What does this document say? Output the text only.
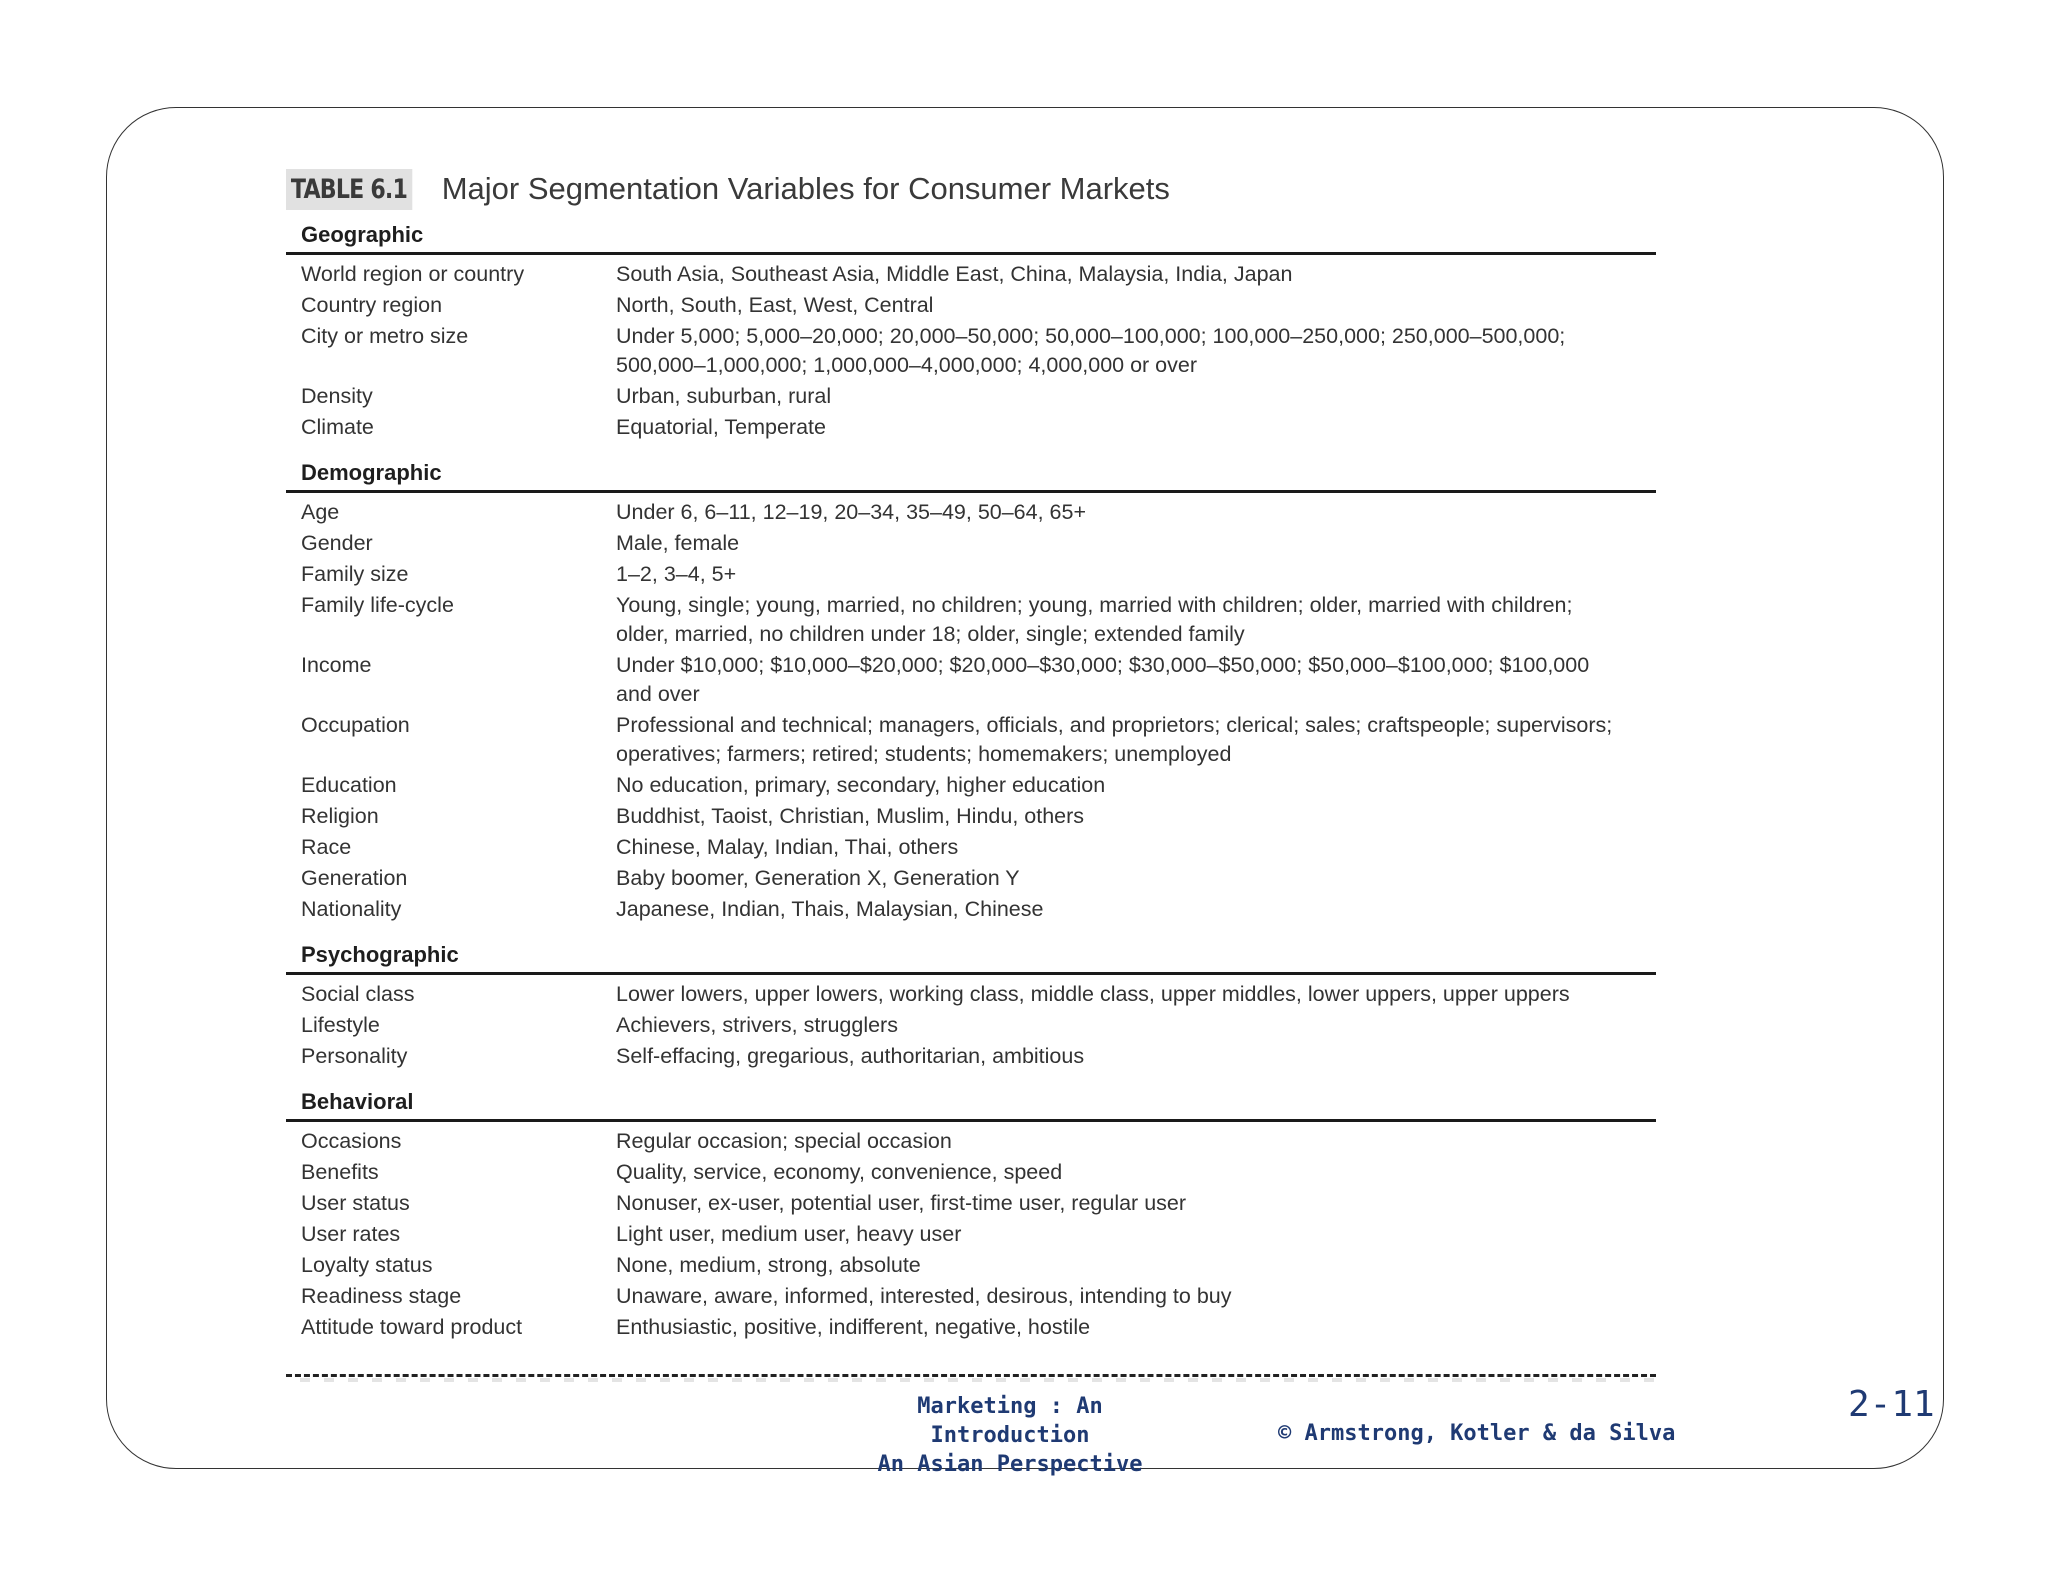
TABLE 6.1 Major Segmentation Variables for Consumer Markets
Geographic
World region or country	South Asia, Southeast Asia, Middle East, China, Malaysia, India, Japan
Country region	North, South, East, West, Central
City or metro size	Under 5,000; 5,000–20,000; 20,000–50,000; 50,000–100,000; 100,000–250,000; 250,000–500,000;
500,000–1,000,000; 1,000,000–4,000,000; 4,000,000 or over
Density	Urban, suburban, rural
Climate	Equatorial, Temperate
Demographic
Age	Under 6, 6–11, 12–19, 20–34, 35–49, 50–64, 65+
Gender	Male, female
Family size	1–2, 3–4, 5+
Family life-cycle	Young, single; young, married, no children; young, married with children; older, married with children;
older, married, no children under 18; older, single; extended family
Income	Under $10,000; $10,000–$20,000; $20,000–$30,000; $30,000–$50,000; $50,000–$100,000; $100,000
and over
Occupation	Professional and technical; managers, officials, and proprietors; clerical; sales; craftspeople; supervisors;
operatives; farmers; retired; students; homemakers; unemployed
Education	No education, primary, secondary, higher education
Religion	Buddhist, Taoist, Christian, Muslim, Hindu, others
Race	Chinese, Malay, Indian, Thai, others
Generation	Baby boomer, Generation X, Generation Y
Nationality	Japanese, Indian, Thais, Malaysian, Chinese
Psychographic
Social class	Lower lowers, upper lowers, working class, middle class, upper middles, lower uppers, upper uppers
Lifestyle	Achievers, strivers, strugglers
Personality	Self-effacing, gregarious, authoritarian, ambitious
Behavioral
Occasions	Regular occasion; special occasion
Benefits	Quality, service, economy, convenience, speed
User status	Nonuser, ex-user, potential user, first-time user, regular user
User rates	Light user, medium user, heavy user
Loyalty status	None, medium, strong, absolute
Readiness stage	Unaware, aware, informed, interested, desirous, intending to buy
Attitude toward product	Enthusiastic, positive, indifferent, negative, hostile
Marketing : An Introduction
An Asian Perspective
© Armstrong, Kotler & da Silva
2-11
